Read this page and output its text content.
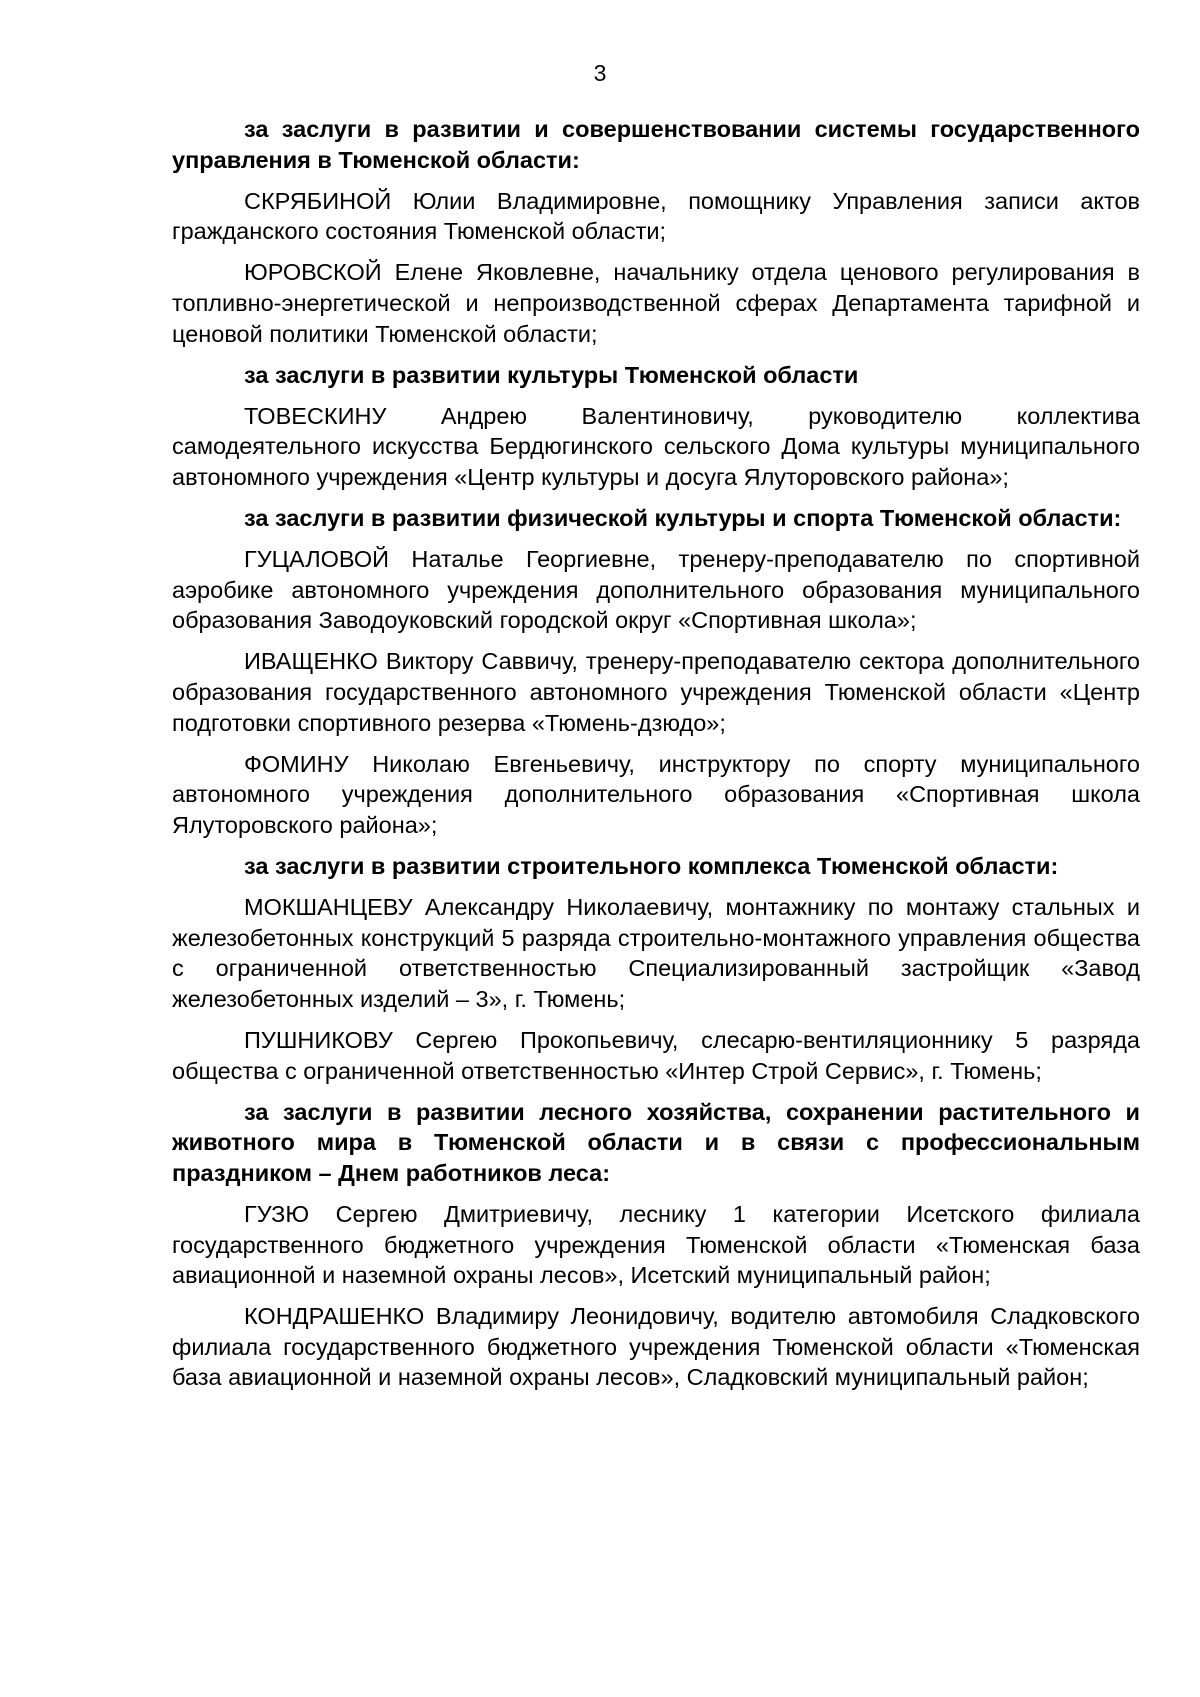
3

за заслуги в развитии и совершенствовании системы государственного управления в Тюменской области:

СКРЯБИНОЙ Юлии Владимировне, помощнику Управления записи актов гражданского состояния Тюменской области;

ЮРОВСКОЙ Елене Яковлевне, начальнику отдела ценового регулирования в топливно-энергетической и непроизводственной сферах Департамента тарифной и ценовой политики Тюменской области;

за заслуги в развитии культуры Тюменской области

ТОВЕСКИНУ Андрею Валентиновичу, руководителю коллектива самодеятельного искусства Бердюгинского сельского Дома культуры муниципального автономного учреждения «Центр культуры и досуга Ялуторовского района»;

за заслуги в развитии физической культуры и спорта Тюменской области:

ГУЦАЛОВОЙ Наталье Георгиевне, тренеру-преподавателю по спортивной аэробике автономного учреждения дополнительного образования муниципального образования Заводоуковский городской округ «Спортивная школа»;

ИВАЩЕНКО Виктору Саввичу, тренеру-преподавателю сектора дополнительного образования государственного автономного учреждения Тюменской области «Центр подготовки спортивного резерва «Тюмень-дзюдо»;

ФОМИНУ Николаю Евгеньевичу, инструктору по спорту муниципального автономного учреждения дополнительного образования «Спортивная школа Ялуторовского района»;

за заслуги в развитии строительного комплекса Тюменской области:

МОКШАНЦЕВУ Александру Николаевичу, монтажнику по монтажу стальных и железобетонных конструкций 5 разряда строительно-монтажного управления общества с ограниченной ответственностью Специализированный застройщик «Завод железобетонных изделий – 3», г. Тюмень;

ПУШНИКОВУ Сергею Прокопьевичу, слесарю-вентиляционнику 5 разряда общества с ограниченной ответственностью «Интер Строй Сервис», г. Тюмень;

за заслуги в развитии лесного хозяйства, сохранении растительного и животного мира в Тюменской области и в связи с профессиональным праздником – Днем работников леса:

ГУЗЮ Сергею Дмитриевичу, леснику 1 категории Исетского филиала государственного бюджетного учреждения Тюменской области «Тюменская база авиационной и наземной охраны лесов», Исетский муниципальный район;

КОНДРАШЕНКО Владимиру Леонидовичу, водителю автомобиля Сладковского филиала государственного бюджетного учреждения Тюменской области «Тюменская база авиационной и наземной охраны лесов», Сладковский муниципальный район;
